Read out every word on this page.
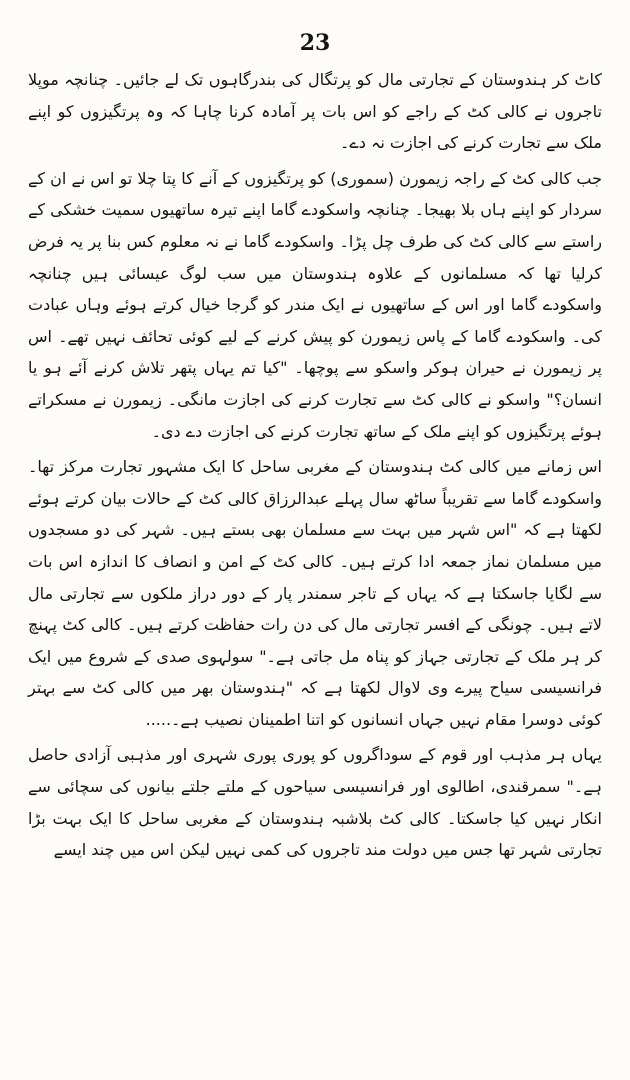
23

کاٹ کر ہندوستان کے تجارتی مال کو پرتگال کی بندرگاہوں تک لے جائیں۔ چنانچہ موپلا تاجروں نے کالی کٹ کے راجے کو اس بات پر آمادہ کرنا چاہا کہ وہ پرتگیزوں کو اپنے ملک سے تجارت کرنے کی اجازت نہ دے۔

جب کالی کٹ کے راجہ زیمورن (سموری) کو پرتگیزوں کے آنے کا پتا چلا تو اس نے ان کے سردار کو اپنے ہاں بلا بھیجا۔ چنانچہ واسکودے گاما اپنے تیرہ ساتھیوں سمیت خشکی کے راستے سے کالی کٹ کی طرف چل پڑا۔ واسکودے گاما نے نہ معلوم کس بنا پر یہ فرض کرلیا تھا کہ مسلمانوں کے علاوہ ہندوستان میں سب لوگ عیسائی ہیں چنانچہ واسکودے گاما اور اس کے ساتھیوں نے ایک مندر کو گرجا خیال کرتے ہوئے وہاں عبادت کی۔ واسکودے گاما کے پاس زیمورن کو پیش کرنے کے لیے کوئی تحائف نہیں تھے۔ اس پر زیمورن نے حیران ہوکر واسکو سے پوچھا۔ "کیا تم یہاں پتھر تلاش کرنے آئے ہو یا انسان؟" واسکو نے کالی کٹ سے تجارت کرنے کی اجازت مانگی۔ زیمورن نے مسکراتے ہوئے پرتگیزوں کو اپنے ملک کے ساتھ تجارت کرنے کی اجازت دے دی۔

اس زمانے میں کالی کٹ ہندوستان کے مغربی ساحل کا ایک مشہور تجارت مرکز تھا۔ واسکودے گاما سے تقریباً ساٹھ سال پہلے عبدالرزاق کالی کٹ کے حالات بیان کرتے ہوئے لکھتا ہے کہ "اس شہر میں بہت سے مسلمان بھی بستے ہیں۔ شہر کی دو مسجدوں میں مسلمان نماز جمعہ ادا کرتے ہیں۔ کالی کٹ کے امن و انصاف کا اندازہ اس بات سے لگایا جاسکتا ہے کہ یہاں کے تاجر سمندر پار کے دور دراز ملکوں سے تجارتی مال لاتے ہیں۔ چونگی کے افسر تجارتی مال کی دن رات حفاظت کرتے ہیں۔ کالی کٹ پہنچ کر ہر ملک کے تجارتی جہاز کو پناہ مل جاتی ہے۔" سولہوی صدی کے شروع میں ایک فرانسیسی سیاح پیرے وی لاوال لکھتا ہے کہ "ہندوستان بھر میں کالی کٹ سے بہتر کوئی دوسرا مقام نہیں جہاں انسانوں کو اتنا اطمینان نصیب ہے۔.....

یہاں ہر مذہب اور قوم کے سوداگروں کو پوری پوری شہری اور مذہبی آزادی حاصل ہے۔" سمرقندی، اطالوی اور فرانسیسی سیاحوں کے ملتے جلتے بیانوں کی سچائی سے انکار نہیں کیا جاسکتا۔ کالی کٹ بلاشبہ ہندوستان کے مغربی ساحل کا ایک بہت بڑا تجارتی شہر تھا جس میں دولت مند تاجروں کی کمی نہیں لیکن اس میں چند ایسے
